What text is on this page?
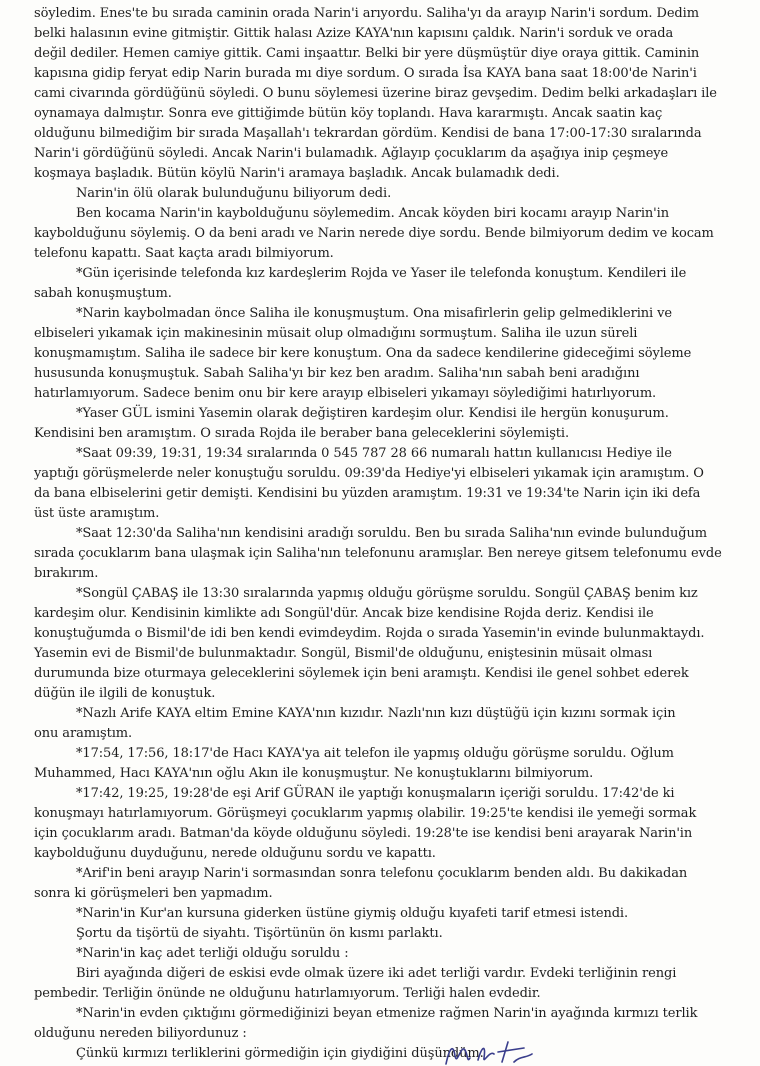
söyledim. Enes'te bu sırada caminin orada Narin'i arıyordu. Saliha'yı da arayıp Narin'i sordum. Dedim
belki halasının evine gitmiştir. Gittik halası Azize KAYA'nın kapısını çaldık. Narin'i sorduk ve orada
değil dediler. Hemen camiye gittik. Cami inşaattır. Belki bir yere düşmüştür diye oraya gittik. Caminin
kapısına gidip feryat edip Narin burada mı diye sordum. O sırada İsa KAYA bana saat 18:00'de Narin'i
cami civarında gördüğünü söyledi. O bunu söylemesi üzerine biraz gevşedim. Dedim belki arkadaşları ile
oynamaya dalmıştır. Sonra eve gittiğimde bütün köy toplandı. Hava kararmıştı. Ancak saatin kaç
olduğunu bilmediğim bir sırada Maşallah'ı tekrardan gördüm. Kendisi de bana 17:00-17:30 sıralarında
Narin'i gördüğünü söyledi. Ancak Narin'i bulamadık. Ağlayıp çocuklarım da aşağıya inip çeşmeye
koşmaya başladık. Bütün köylü Narin'i aramaya başladık. Ancak bulamadık dedi.
Narin'in ölü olarak bulunduğunu biliyorum dedi.
Ben kocama Narin'in kaybolduğunu söylemedim. Ancak köyden biri kocamı arayıp Narin'in
kaybolduğunu söylemiş. O da beni aradı ve Narin nerede diye sordu. Bende bilmiyorum dedim ve kocam
telefonu kapattı. Saat kaçta aradı bilmiyorum.
*Gün içerisinde telefonda kız kardeşlerim Rojda ve Yaser ile telefonda konuştum. Kendileri ile
sabah konuşmuştum.
*Narin kaybolmadan önce Saliha ile konuşmuştum. Ona misafirlerin gelip gelmediklerini ve
elbiseleri yıkamak için makinesinin müsait olup olmadığını sormuştum. Saliha ile uzun süreli
konuşmamıştım. Saliha ile sadece bir kere konuştum. Ona da sadece kendilerine gideceğimi söyleme
hususunda konuşmuştuk. Sabah Saliha'yı bir kez ben aradım. Saliha'nın sabah beni aradığını
hatırlamıyorum. Sadece benim onu bir kere arayıp elbiseleri yıkamayı söylediğimi hatırlıyorum.
*Yaser GÜL ismini Yasemin olarak değiştiren kardeşim olur. Kendisi ile hergün konuşurum.
Kendisini ben aramıştım. O sırada Rojda ile beraber bana geleceklerini söylemişti.
*Saat 09:39, 19:31, 19:34 sıralarında 0 545 787 28 66 numaralı hattın kullanıcısı Hediye ile
yaptığı görüşmelerde neler konuştuğu soruldu. 09:39'da Hediye'yi elbiseleri yıkamak için aramıştım. O
da bana elbiselerini getir demişti. Kendisini bu yüzden aramıştım. 19:31 ve 19:34'te Narin için iki defa
üst üste aramıştım.
*Saat 12:30'da Saliha'nın kendisini aradığı soruldu. Ben bu sırada Saliha'nın evinde bulunduğum
sırada çocuklarım bana ulaşmak için Saliha'nın telefonunu aramışlar. Ben nereye gitsem telefonumu evde
bırakırım.
*Songül ÇABAŞ ile 13:30 sıralarında yapmış olduğu görüşme soruldu. Songül ÇABAŞ benim kız
kardeşim olur. Kendisinin kimlikte adı Songül'dür. Ancak bize kendisine Rojda deriz. Kendisi ile
konuştuğumda o Bismil'de idi ben kendi evimdeydim. Rojda o sırada Yasemin'in evinde bulunmaktaydı.
Yasemin evi de Bismil'de bulunmaktadır. Songül, Bismil'de olduğunu, eniştesinin müsait olması
durumunda bize oturmaya geleceklerini söylemek için beni aramıştı. Kendisi ile genel sohbet ederek
düğün ile ilgili de konuştuk.
*Nazlı Arife KAYA eltim Emine KAYA'nın kızıdır. Nazlı'nın kızı düştüğü için kızını sormak için
onu aramıştım.
*17:54, 17:56, 18:17'de Hacı KAYA'ya ait telefon ile yapmış olduğu görüşme soruldu. Oğlum
Muhammed, Hacı KAYA'nın oğlu Akın ile konuşmuştur. Ne konuştuklarını bilmiyorum.
*17:42, 19:25, 19:28'de eşi Arif GÜRAN ile yaptığı konuşmaların içeriği soruldu. 17:42'de ki
konuşmayı hatırlamıyorum. Görüşmeyi çocuklarım yapmış olabilir. 19:25'te kendisi ile yemeği sormak
için çocuklarım aradı. Batman'da köyde olduğunu söyledi. 19:28'te ise kendisi beni arayarak Narin'in
kaybolduğunu duyduğunu, nerede olduğunu sordu ve kapattı.
*Arif'in beni arayıp Narin'i sormasından sonra telefonu çocuklarım benden aldı. Bu dakikadan
sonra ki görüşmeleri ben yapmadım.
*Narin'in Kur'an kursuna giderken üstüne giymiş olduğu kıyafeti tarif etmesi istendi.
Şortu da tişörtü de siyahtı. Tişörtünün ön kısmı parlaktı.
*Narin'in kaç adet terliği olduğu soruldu :
Biri ayağında diğeri de eskisi evde olmak üzere iki adet terliği vardır. Evdeki terliğinin rengi
pembedir. Terliğin önünde ne olduğunu hatırlamıyorum. Terliği halen evdedir.
*Narin'in evden çıktığını görmediğinizi beyan etmenize rağmen Narin'in ayağında kırmızı terlik
olduğunu nereden biliyordunuz :
Çünkü kırmızı terliklerini görmediğin için giydiğini düşündüm.
